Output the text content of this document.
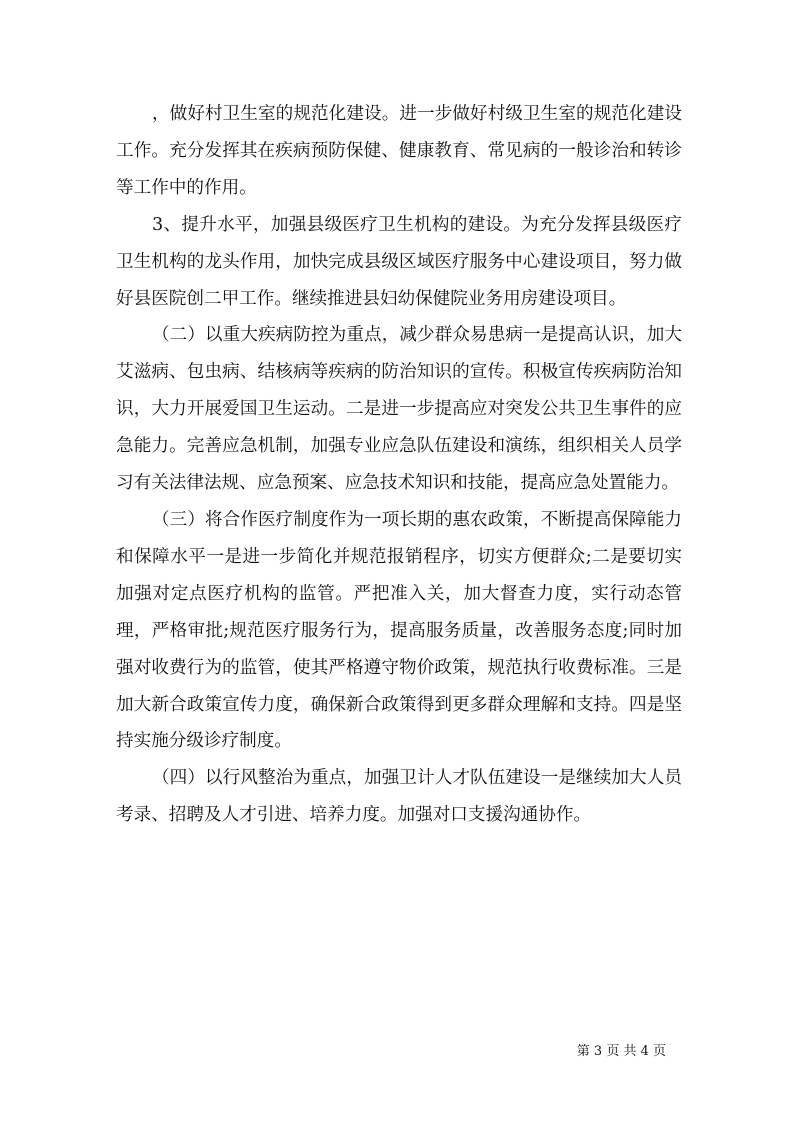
，做好村卫生室的规范化建设。进一步做好村级卫生室的规范化建设工作。充分发挥其在疾病预防保健、健康教育、常见病的一般诊治和转诊等工作中的作用。

3、提升水平，加强县级医疗卫生机构的建设。为充分发挥县级医疗卫生机构的龙头作用，加快完成县级区域医疗服务中心建设项目，努力做好县医院创二甲工作。继续推进县妇幼保健院业务用房建设项目。

（二）以重大疾病防控为重点，减少群众易患病一是提高认识，加大艾滋病、包虫病、结核病等疾病的防治知识的宣传。积极宣传疾病防治知识，大力开展爱国卫生运动。二是进一步提高应对突发公共卫生事件的应急能力。完善应急机制，加强专业应急队伍建设和演练，组织相关人员学习有关法律法规、应急预案、应急技术知识和技能，提高应急处置能力。

（三）将合作医疗制度作为一项长期的惠农政策，不断提高保障能力和保障水平一是进一步简化并规范报销程序，切实方便群众;二是要切实加强对定点医疗机构的监管。严把准入关，加大督查力度，实行动态管理，严格审批;规范医疗服务行为，提高服务质量，改善服务态度;同时加强对收费行为的监管，使其严格遵守物价政策，规范执行收费标准。三是加大新合政策宣传力度，确保新合政策得到更多群众理解和支持。四是坚持实施分级诊疗制度。

（四）以行风整治为重点，加强卫计人才队伍建设一是继续加大人员考录、招聘及人才引进、培养力度。加强对口支援沟通协作。

第 3 页 共 4 页
